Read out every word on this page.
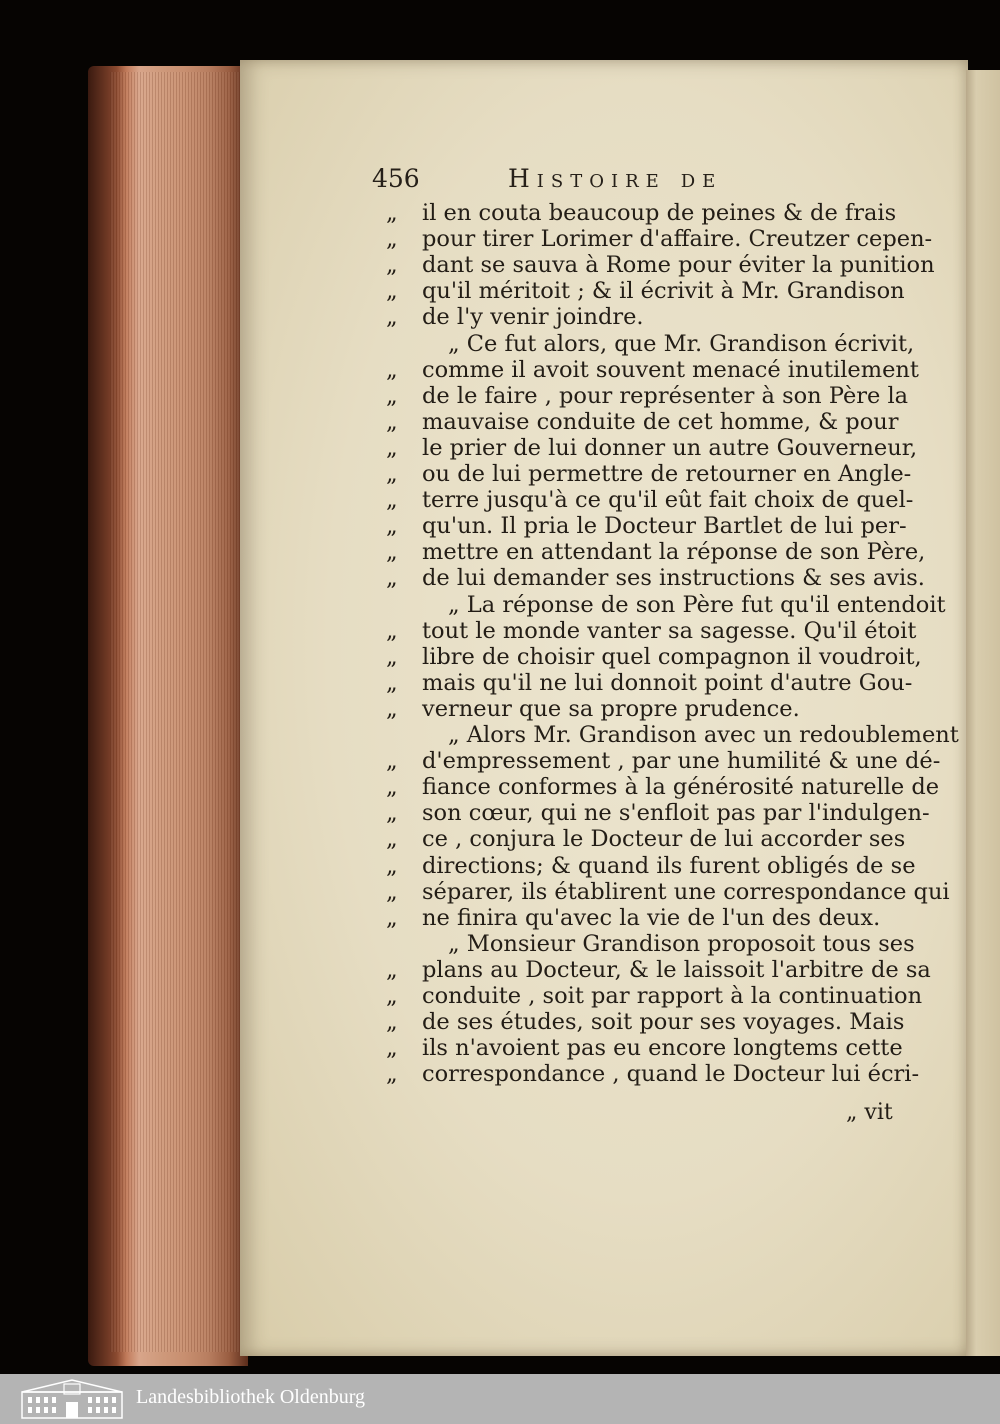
456	Histoire de
„ il en couta beaucoup de peines & de frais
„ pour tirer Lorimer d'affaire. Creutzer cepen-
„ dant se sauva à Rome pour éviter la punition
„ qu'il méritoit ; & il écrivit à Mr. Grandison
„ de l'y venir joindre.
„ Ce fut alors, que Mr. Grandison écrivit,
„ comme il avoit souvent menacé inutilement
„ de le faire , pour représenter à son Père la
„ mauvaise conduite de cet homme, & pour
„ le prier de lui donner un autre Gouverneur,
„ ou de lui permettre de retourner en Angle-
„ terre jusqu'à ce qu'il eût fait choix de quel-
„ qu'un. Il pria le Docteur Bartlet de lui per-
„ mettre en attendant la réponse de son Père,
„ de lui demander ses instructions & ses avis.
„ La réponse de son Père fut qu'il entendoit
„ tout le monde vanter sa sagesse. Qu'il étoit
„ libre de choisir quel compagnon il voudroit,
„ mais qu'il ne lui donnoit point d'autre Gou-
„ verneur que sa propre prudence.
„ Alors Mr. Grandison avec un redoublement
„ d'empressement , par une humilité & une dé-
„ fiance conformes à la générosité naturelle de
„ son cœur, qui ne s'enfloit pas par l'indulgen-
„ ce , conjura le Docteur de lui accorder ses
„ directions; & quand ils furent obligés de se
„ séparer, ils établirent une correspondance qui
„ ne finira qu'avec la vie de l'un des deux.
„ Monsieur Grandison proposoit tous ses
„ plans au Docteur, & le laissoit l'arbitre de sa
„ conduite , soit par rapport à la continuation
„ de ses études, soit pour ses voyages. Mais
„ ils n'avoient pas eu encore longtems cette
„ correspondance , quand le Docteur lui écri-
„ vit
Landesbibliothek Oldenburg
